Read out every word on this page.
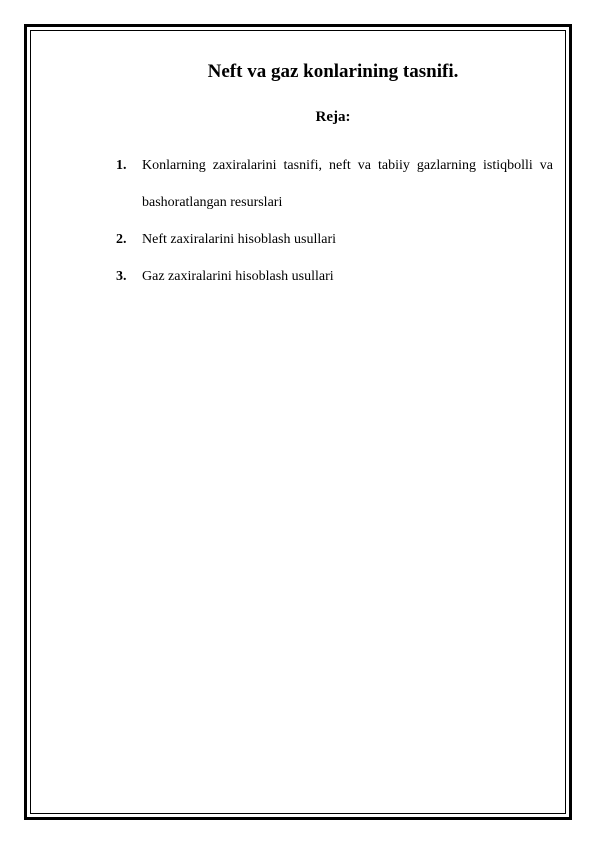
Neft va gaz konlarining tasnifi.
Reja:
1. Konlarning zaxiralarini tasnifi, neft va tabiiy gazlarning istiqbolli va bashoratlangan resurslari
2. Neft zaxiralarini hisoblash usullari
3. Gaz zaxiralarini hisoblash usullari
